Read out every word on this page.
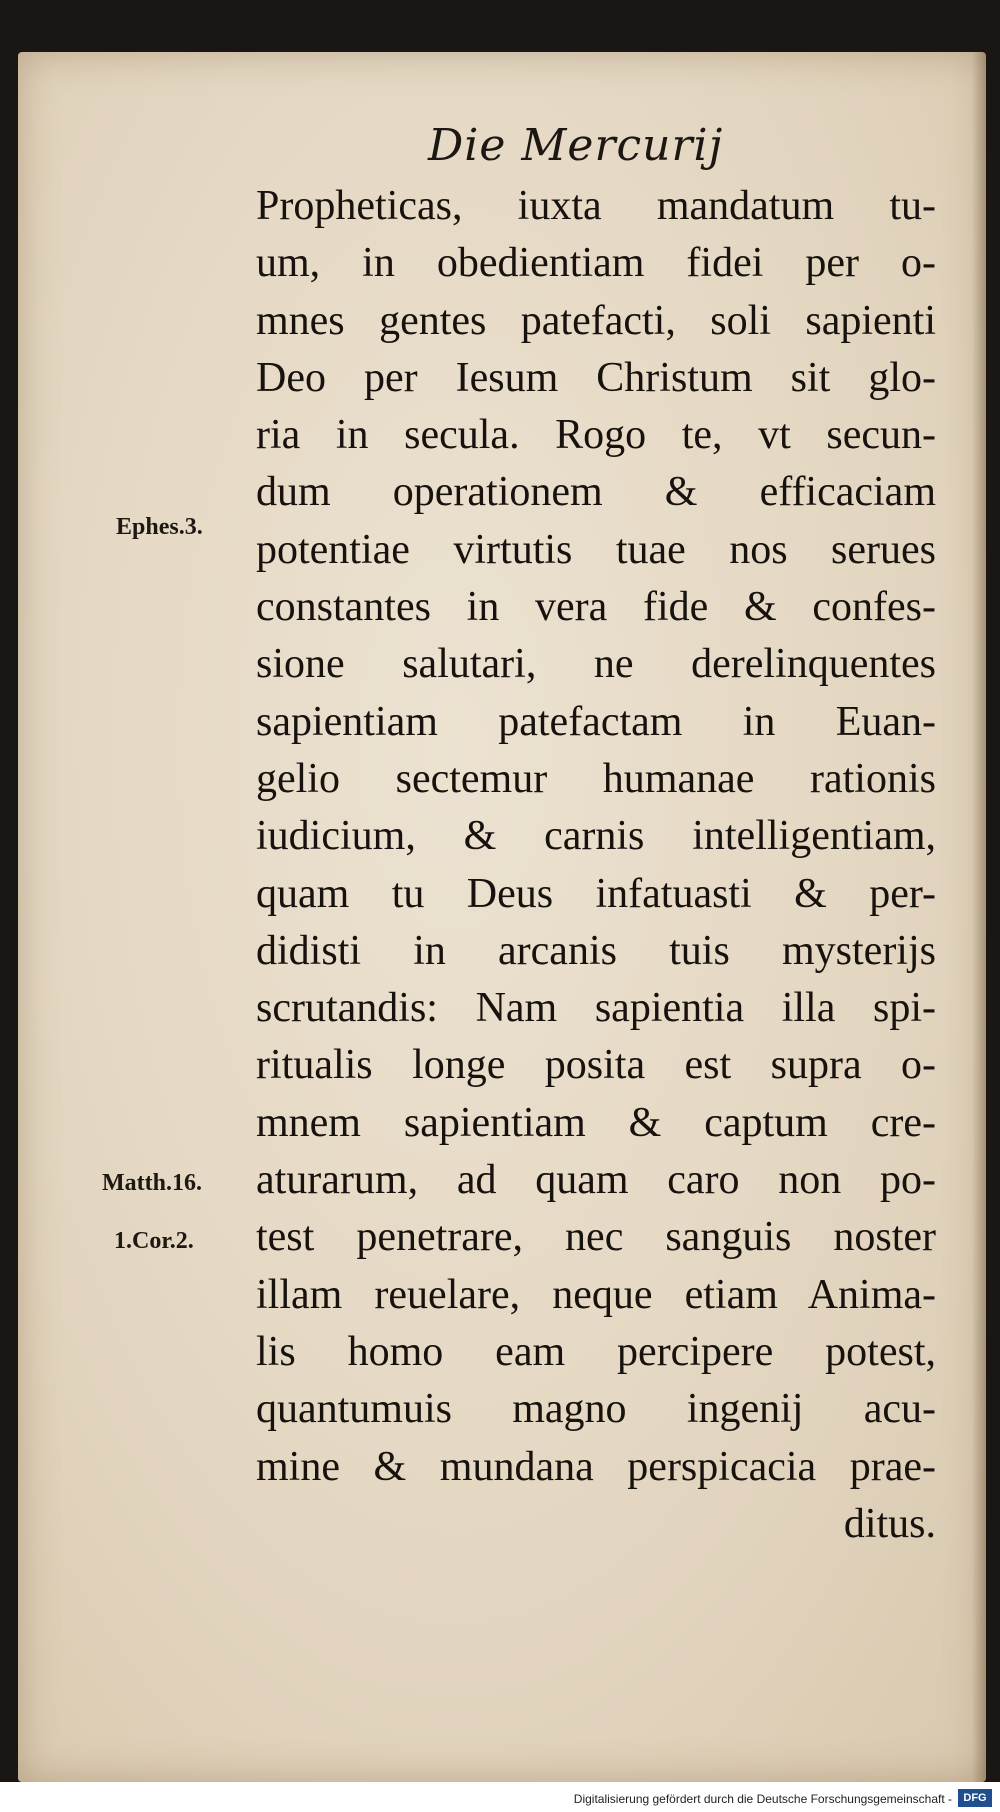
Die Mercurij
Propheticas, iuxta mandatum tu-
um, in obedientiam fidei per o-
mnes gentes patefacti, soli sapienti
Deo per Iesum Christum sit glo-
ria in secula. Rogo te, vt secun-
dum operationem & efficaciam
potentiae virtutis tuae nos serues
constantes in vera fide & confes-
sione salutari, ne derelinquentes
sapientiam patefactam in Euan-
gelio sectemur humanae rationis
iudicium, & carnis intelligentiam,
quam tu Deus infatuasti & per-
didisti in arcanis tuis mysterijs
scrutandis: Nam sapientia illa spi-
ritualis longe posita est supra o-
mnem sapientiam & captum cre-
aturarum, ad quam caro non po-
test penetrare, nec sanguis noster
illam reuelare, neque etiam Anima-
lis homo eam percipere potest,
quantumuis magno ingenij acu-
mine & mundana perspicacia prae-
ditus.
Ephes.3.
Matth.16.
1.Cor.2.
Digitalisierung gefördert durch die Deutsche Forschungsgemeinschaft -	DFG
